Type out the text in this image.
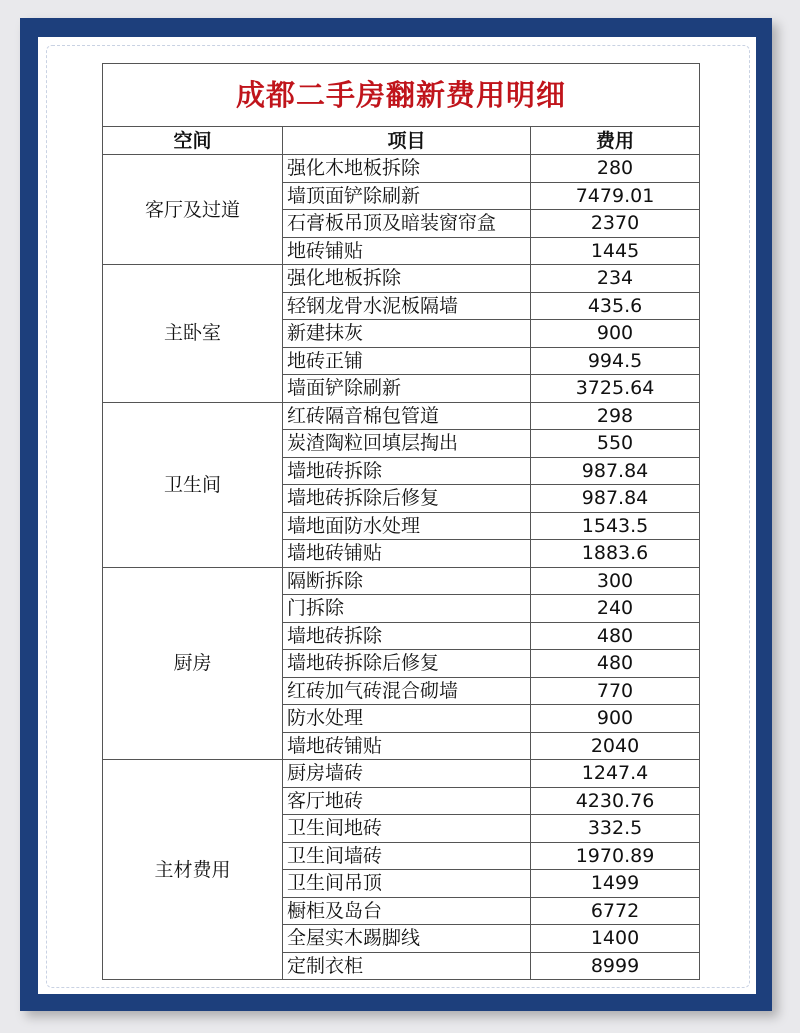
成都二手房翻新费用明细		
空间	项目	费用
客厅及过道	强化木地板拆除	280
	墙顶面铲除刷新	7479.01
	石膏板吊顶及暗装窗帘盒	2370
	地砖铺贴	1445
主卧室	强化地板拆除	234
	轻钢龙骨水泥板隔墙	435.6
	新建抹灰	900
	地砖正铺	994.5
	墙面铲除刷新	3725.64
卫生间	红砖隔音棉包管道	298
	炭渣陶粒回填层掏出	550
	墙地砖拆除	987.84
	墙地砖拆除后修复	987.84
	墙地面防水处理	1543.5
	墙地砖铺贴	1883.6
厨房	隔断拆除	300
	门拆除	240
	墙地砖拆除	480
	墙地砖拆除后修复	480
	红砖加气砖混合砌墙	770
	防水处理	900
	墙地砖铺贴	2040
主材费用	厨房墙砖	1247.4
	客厅地砖	4230.76
	卫生间地砖	332.5
	卫生间墙砖	1970.89
	卫生间吊顶	1499
	橱柜及岛台	6772
	全屋实木踢脚线	1400
	定制衣柜	8999
